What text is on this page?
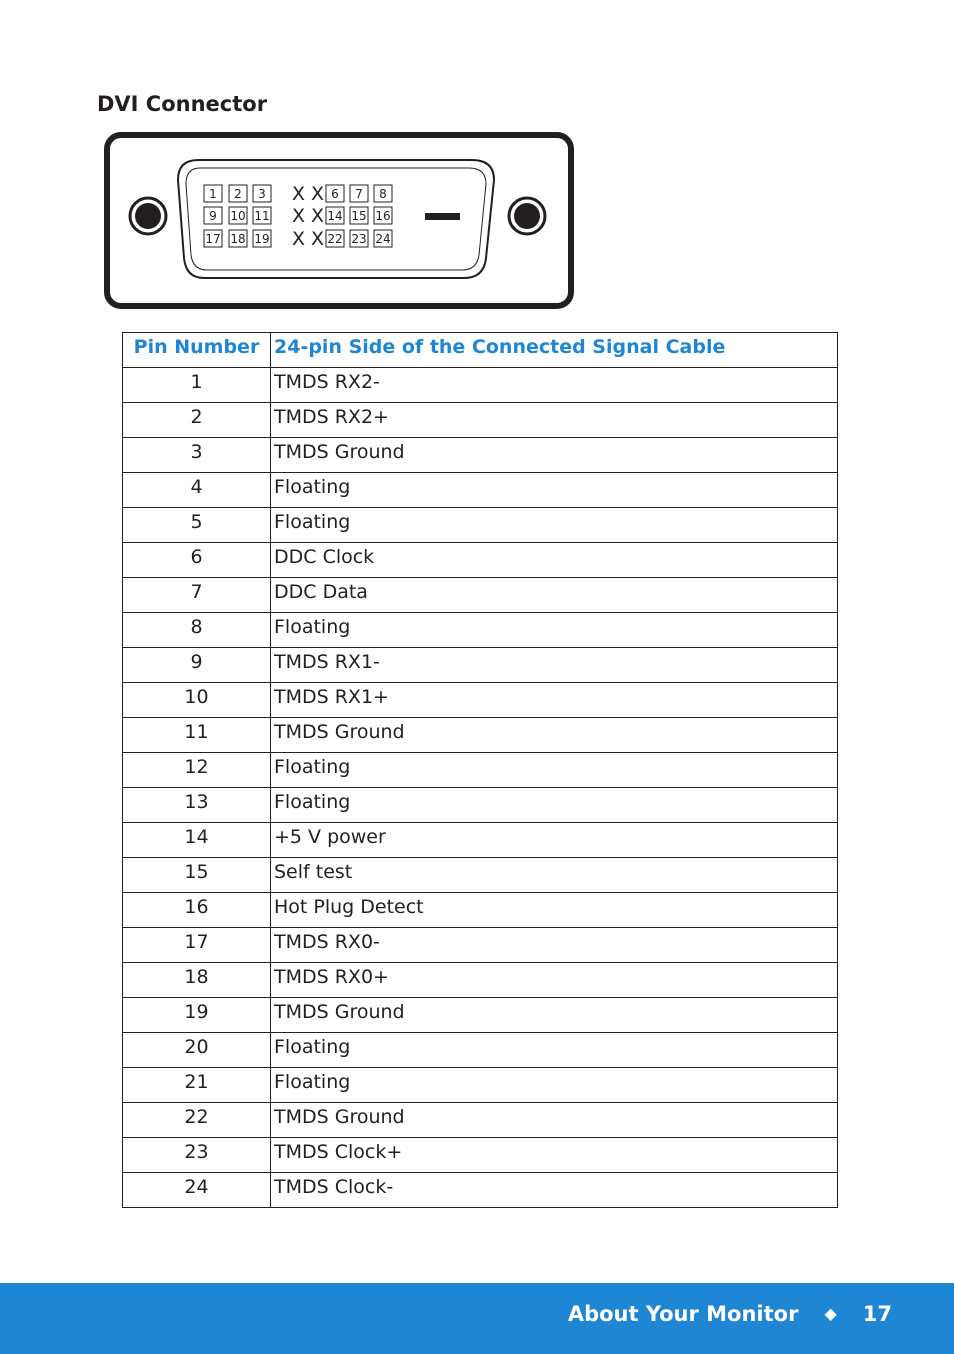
DVI Connector
1 2 3 X X 6 7 8
9 10 11 X X 14 15 16
17 18 19 X X 22 23 24
Pin Number	24-pin Side of the Connected Signal Cable
1	TMDS RX2-
2	TMDS RX2+
3	TMDS Ground
4	Floating
5	Floating
6	DDC Clock
7	DDC Data
8	Floating
9	TMDS RX1-
10	TMDS RX1+
11	TMDS Ground
12	Floating
13	Floating
14	+5 V power
15	Self test
16	Hot Plug Detect
17	TMDS RX0-
18	TMDS RX0+
19	TMDS Ground
20	Floating
21	Floating
22	TMDS Ground
23	TMDS Clock+
24	TMDS Clock-
About Your Monitor ◆ 17
